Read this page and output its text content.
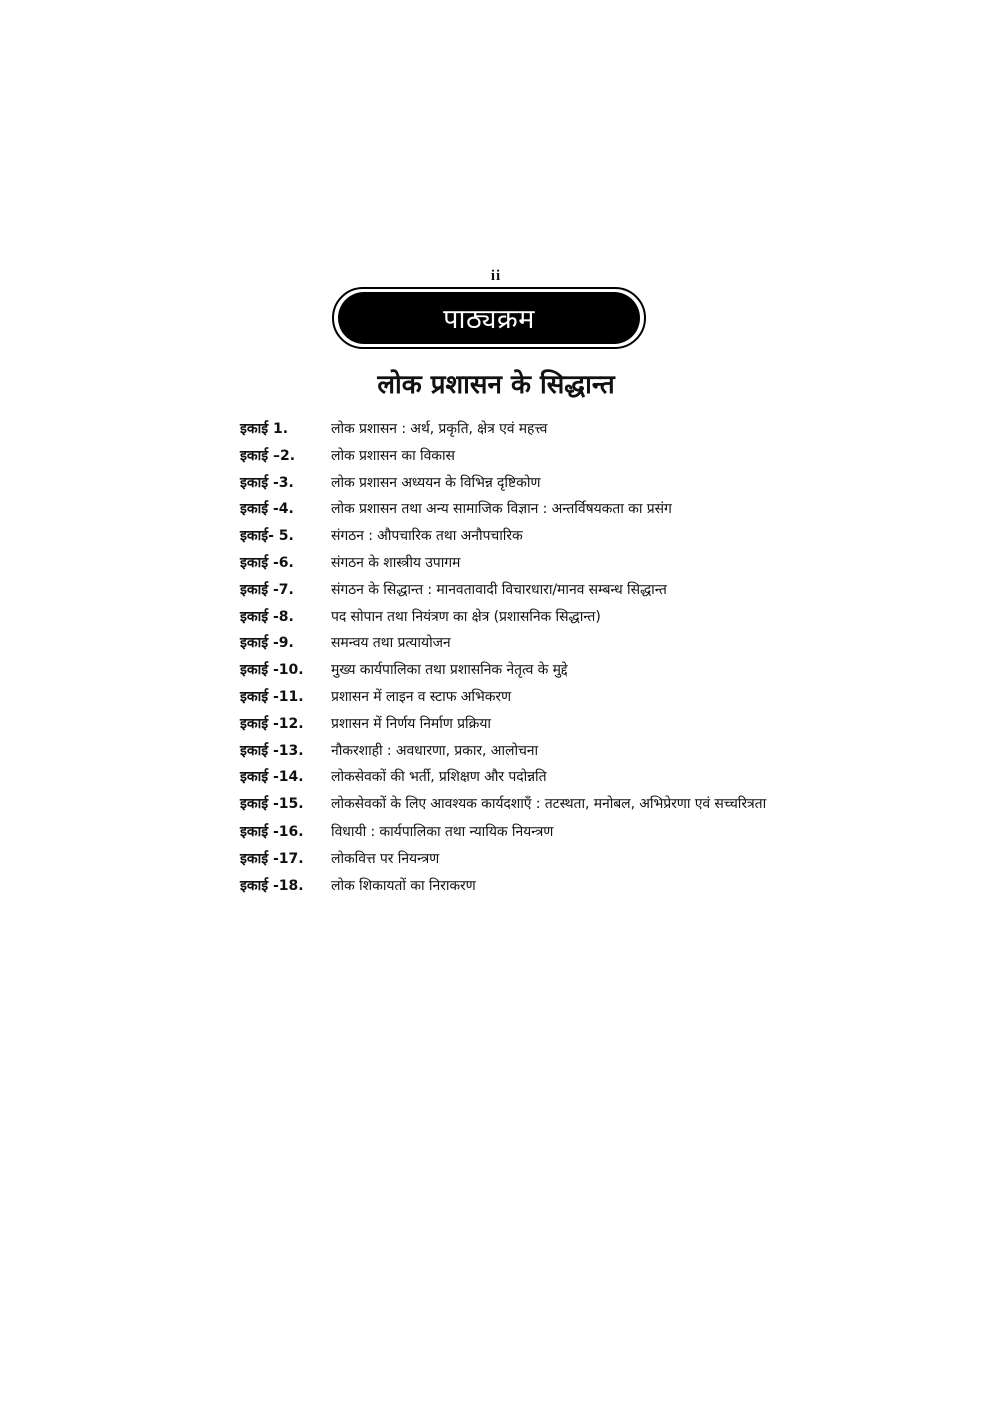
ii
पाठ्यक्रम
लोक प्रशासन के सिद्धान्त
इकाई 1.	लोक प्रशासन : अर्थ, प्रकृति, क्षेत्र एवं महत्त्व
इकाई –2.	लोक प्रशासन का विकास
इकाई -3.	लोक प्रशासन अध्ययन के विभिन्न दृष्टिकोण
इकाई -4.	लोक प्रशासन तथा अन्य सामाजिक विज्ञान : अन्तर्विषयकता का प्रसंग
इकाई- 5.	संगठन : औपचारिक तथा अनौपचारिक
इकाई -6.	संगठन के शास्त्रीय उपागम
इकाई -7.	संगठन के सिद्धान्त : मानवतावादी विचारधारा/मानव सम्बन्ध सिद्धान्त
इकाई -8.	पद सोपान तथा नियंत्रण का क्षेत्र (प्रशासनिक सिद्धान्त)
इकाई -9.	समन्वय तथा प्रत्यायोजन
इकाई -10.	मुख्य कार्यपालिका तथा प्रशासनिक नेतृत्व के मुद्दे
इकाई -11.	प्रशासन में लाइन व स्टाफ अभिकरण
इकाई -12.	प्रशासन में निर्णय निर्माण प्रक्रिया
इकाई -13.	नौकरशाही : अवधारणा, प्रकार, आलोचना
इकाई -14.	लोकसेवकों की भर्ती, प्रशिक्षण और पदोन्नति
इकाई -15.	लोकसेवकों के लिए आवश्यक कार्यदशाएँ : तटस्थता, मनोबल, अभिप्रेरणा एवं सच्चरित्रता
इकाई -16.	विधायी : कार्यपालिका तथा न्यायिक नियन्त्रण
इकाई -17.	लोकवित्त पर नियन्त्रण
इकाई -18.	लोक शिकायतों का निराकरण
